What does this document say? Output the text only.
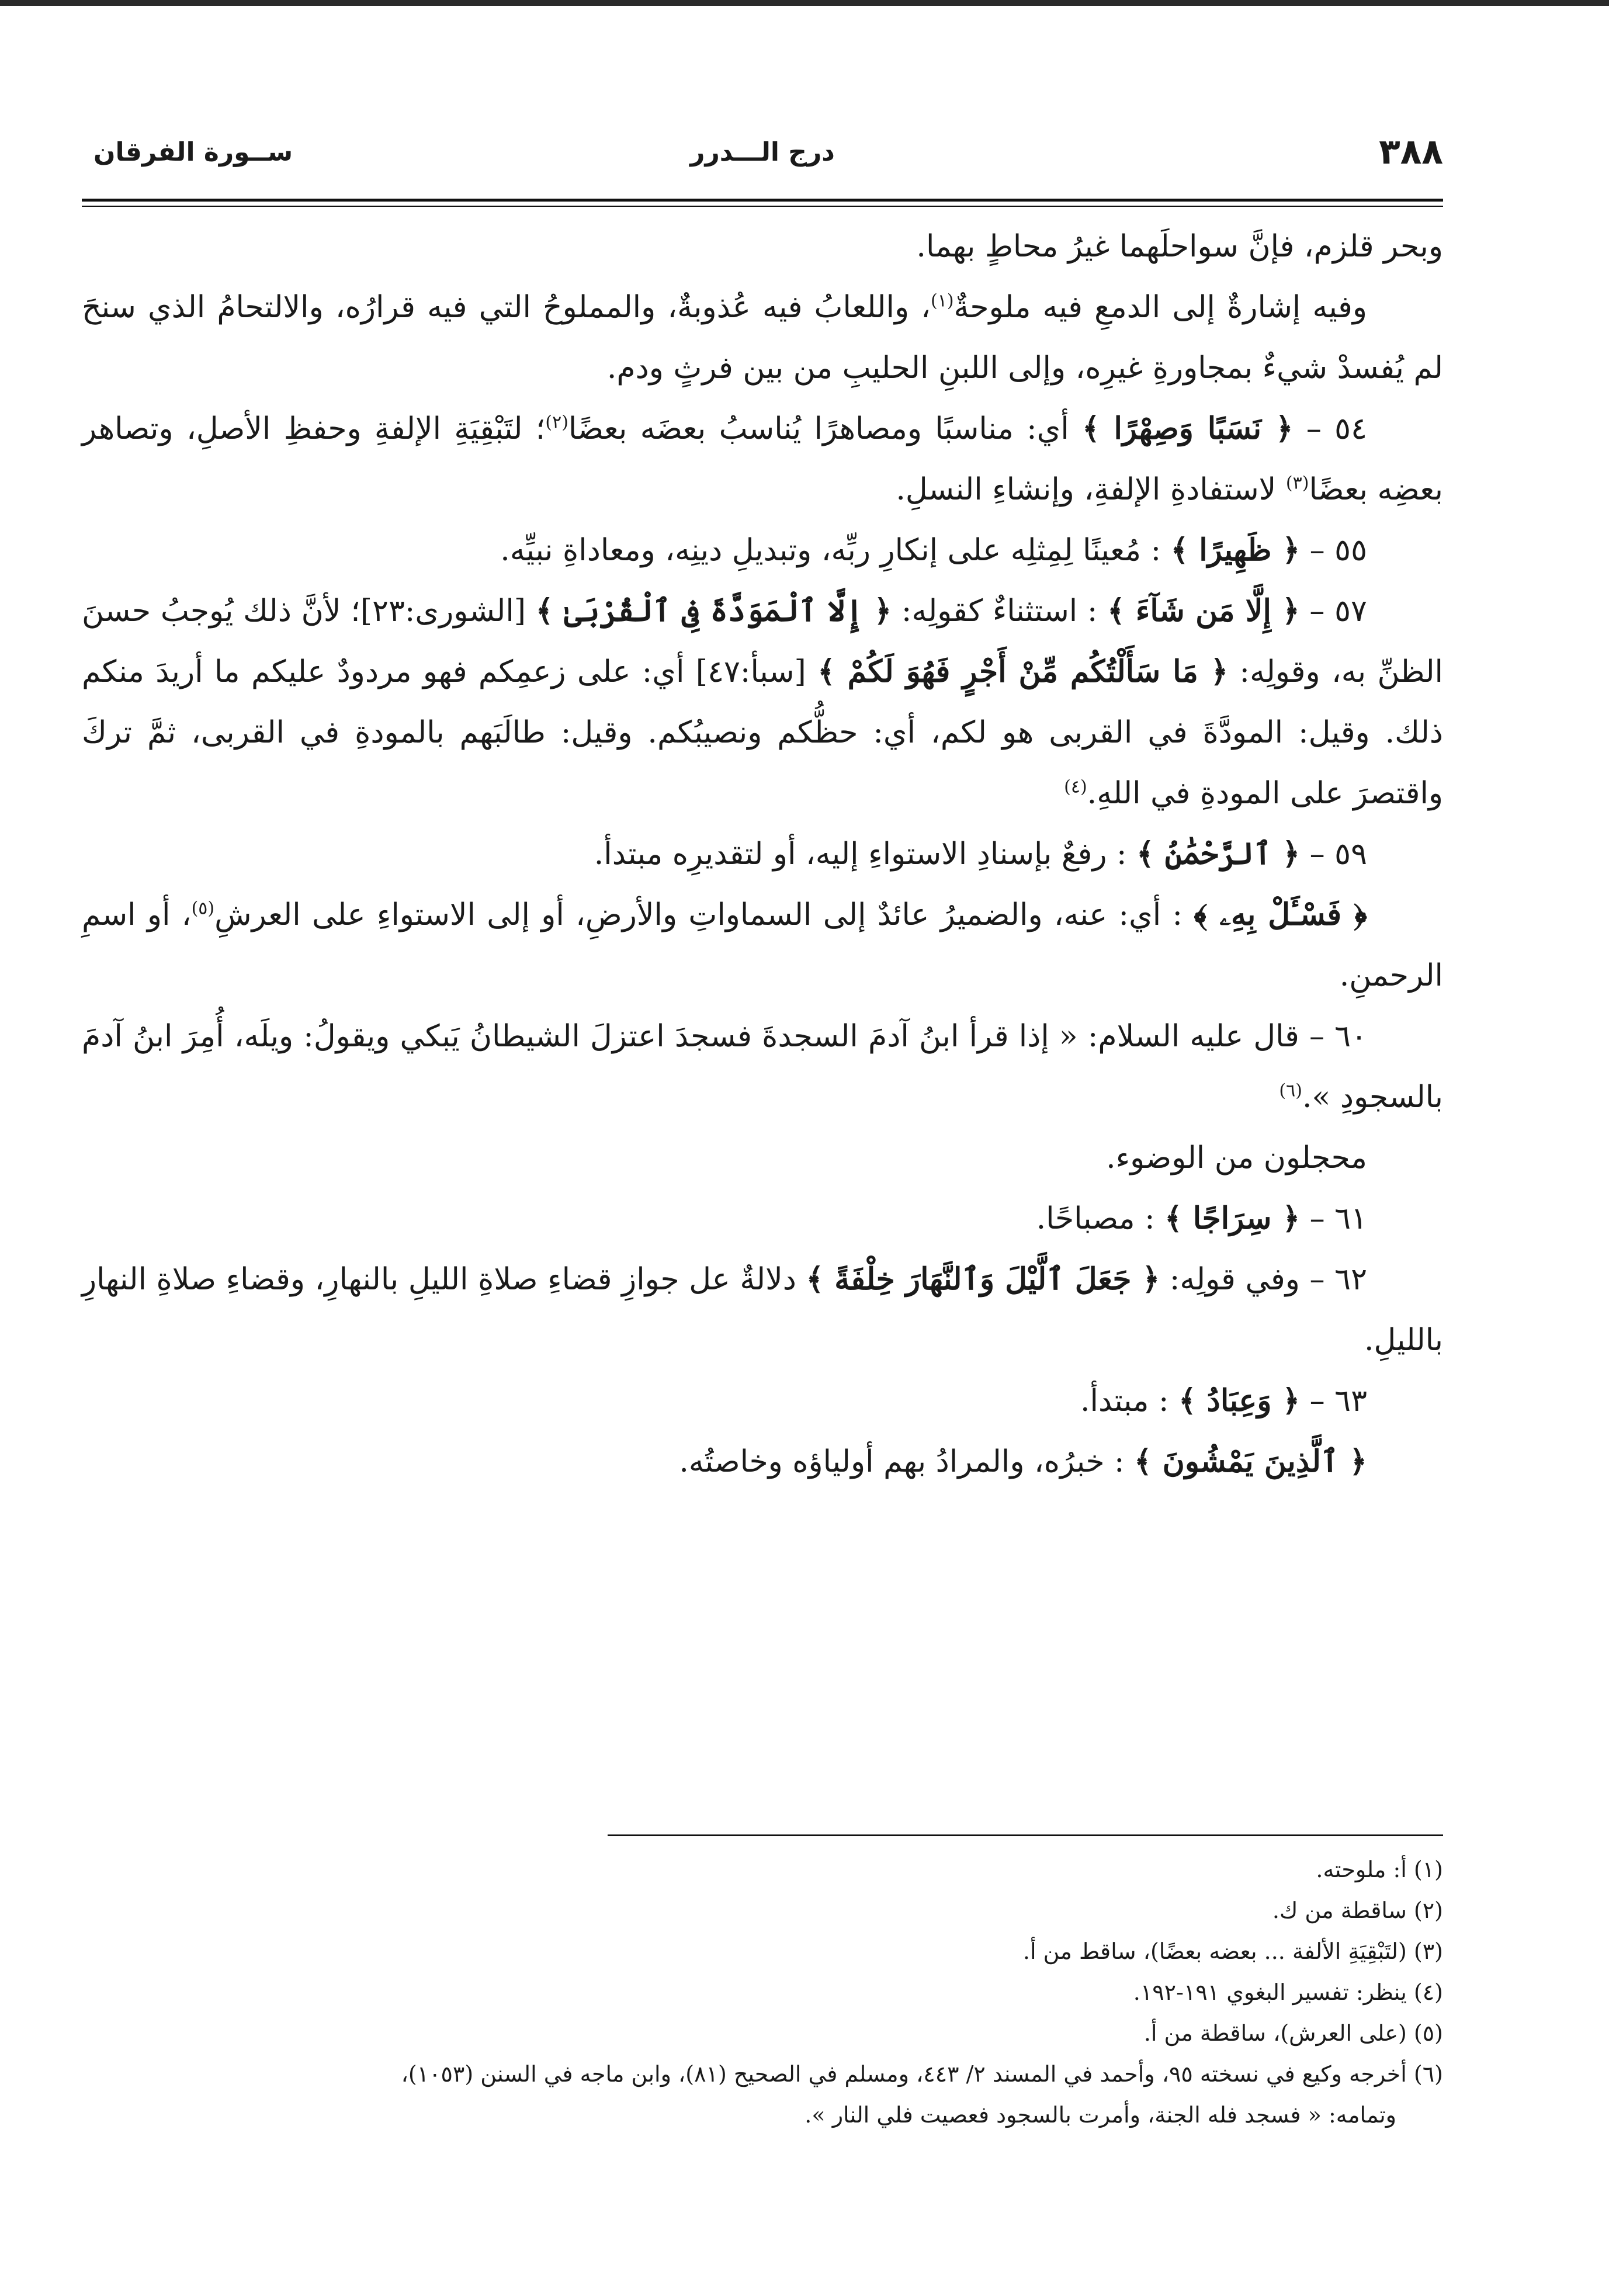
٣٨٨
درج الـــدرر
ســورة الفرقان

وبحر قلزم، فإنَّ سواحلَهما غيرُ محاطٍ بهما.

وفيه إشارةٌ إلى الدمعِ فيه ملوحةٌ$^{(١)}$، واللعابُ فيه عُذوبةٌ، والمملوحُ التي فيه قرارُه، والالتحامُ الذي سنحَ لم يُفسدْ شيءٌ بمجاورةِ غيرِه، وإلى اللبنِ الحليبِ من بين فرثٍ ودم.

٥٤ – ﴿ نَسَبًا وَصِهْرًا ﴾ أي: مناسبًا ومصاهرًا يُناسبُ بعضَه بعضًا$^{(٢)}$؛ لتَبْقِيَةِ الإلفةِ وحفظِ الأصلِ، وتصاهر بعضِه بعضًا$^{(٣)}$ لاستفادةِ الإلفةِ، وإنشاءِ النسلِ.

٥٥ – ﴿ ظَهِيرًا ﴾ : مُعينًا لِمِثلِه على إنكارِ ربِّه، وتبديلِ دينِه، ومعاداةِ نبيِّه.

٥٧ – ﴿ إِلَّا مَن شَآءَ ﴾ : استثناءٌ كقولِه: ﴿ إِلَّا ٱلْمَوَدَّةَ فِى ٱلْقُرْبَىٰ ﴾ [الشورى:٢٣]؛ لأنَّ ذلك يُوجبُ حسنَ الظنِّ به، وقولِه: ﴿ مَا سَأَلْتُكُم مِّنْ أَجْرٍ فَهُوَ لَكُمْ ﴾ [سبأ:٤٧] أي: على زعمِكم فهو مردودٌ عليكم ما أريدَ منكم ذلك. وقيل: المودَّةَ في القربى هو لكم، أي: حظُّكم ونصيبُكم. وقيل: طالَبَهم بالمودةِ في القربى، ثمَّ تركَ واقتصرَ على المودةِ في اللهِ.$^{(٤)}$

٥٩ – ﴿ ٱلرَّحْمَٰنُ ﴾ : رفعٌ بإسنادِ الاستواءِ إليه، أو لتقديرِه مبتدأ.

﴿ فَسْـَٔلْ بِهِۦ ﴾ : أي: عنه، والضميرُ عائدٌ إلى السماواتِ والأرضِ، أو إلى الاستواءِ على العرشِ$^{(٥)}$، أو اسمِ الرحمنِ.

٦٠ – قال عليه السلام: « إذا قرأ ابنُ آدمَ السجدةَ فسجدَ اعتزلَ الشيطانُ يَبكي ويقولُ: ويلَه، أُمِرَ ابنُ آدمَ بالسجودِ ».$^{(٦)}$

محجلون من الوضوء.

٦١ – ﴿ سِرَاجًا ﴾ : مصباحًا.

٦٢ – وفي قولِه: ﴿ جَعَلَ ٱلَّيْلَ وَٱلنَّهَارَ خِلْفَةً ﴾ دلالةٌ عل جوازِ قضاءِ صلاةِ الليلِ بالنهارِ، وقضاءِ صلاةِ النهارِ بالليلِ.

٦٣ – ﴿ وَعِبَادُ ﴾ : مبتدأ.

﴿ ٱلَّذِينَ يَمْشُونَ ﴾ : خبرُه، والمرادُ بهم أولياؤه وخاصتُه.

(١) أ: ملوحته.

(٢) ساقطة من ك.

(٣) (لتَبْقِيَةِ الألفة ... بعضه بعضًا)، ساقط من أ.

(٤) ينظر: تفسير البغوي ١٩١-١٩٢.

(٥) (على العرش)، ساقطة من أ.

(٦) أخرجه وكيع في نسخته ٩٥، وأحمد في المسند ٢/ ٤٤٣، ومسلم في الصحيح (٨١)، وابن ماجه في السنن (١٠٥٣)،

وتمامه: « فسجد فله الجنة، وأمرت بالسجود فعصيت فلي النار ».
